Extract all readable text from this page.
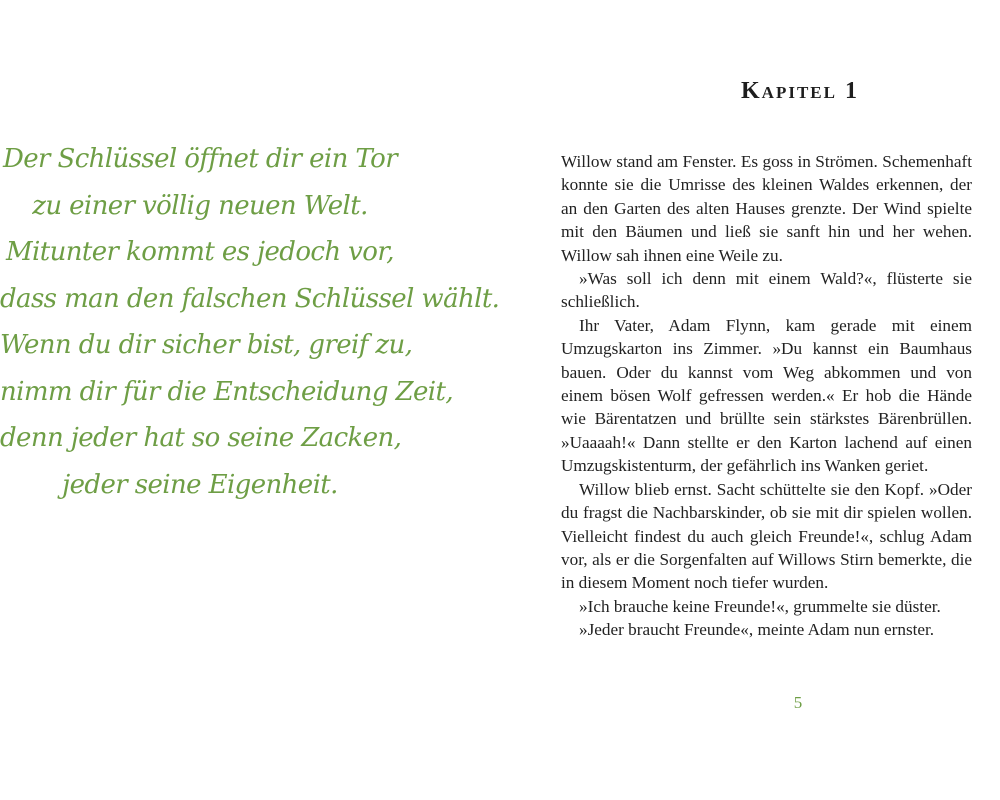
Der Schlüssel öffnet dir ein Tor
zu einer völlig neuen Welt.
Mitunter kommt es jedoch vor,
dass man den falschen Schlüssel wählt.
Wenn du dir sicher bist, greif zu,
nimm dir für die Entscheidung Zeit,
denn jeder hat so seine Zacken,
jeder seine Eigenheit.
Kapitel 1

Willow stand am Fenster. Es goss in Strömen. Schemenhaft konnte sie die Umrisse des kleinen Waldes erkennen, der an den Garten des alten Hauses grenzte. Der Wind spielte mit den Bäumen und ließ sie sanft hin und her wehen. Willow sah ihnen eine Weile zu.

»Was soll ich denn mit einem Wald?«, flüsterte sie schließlich.

Ihr Vater, Adam Flynn, kam gerade mit einem Umzugskarton ins Zimmer. »Du kannst ein Baumhaus bauen. Oder du kannst vom Weg abkommen und von einem bösen Wolf gefressen werden.« Er hob die Hände wie Bärentatzen und brüllte sein stärkstes Bärenbrüllen. »Uaaaah!« Dann stellte er den Karton lachend auf einen Umzugskistenturm, der gefährlich ins Wanken geriet.

Willow blieb ernst. Sacht schüttelte sie den Kopf. »Oder du fragst die Nachbarskinder, ob sie mit dir spielen wollen. Vielleicht findest du auch gleich Freunde!«, schlug Adam vor, als er die Sorgenfalten auf Willows Stirn bemerkte, die in diesem Moment noch tiefer wurden.

»Ich brauche keine Freunde!«, grummelte sie düster.

»Jeder braucht Freunde«, meinte Adam nun ernster.

5
